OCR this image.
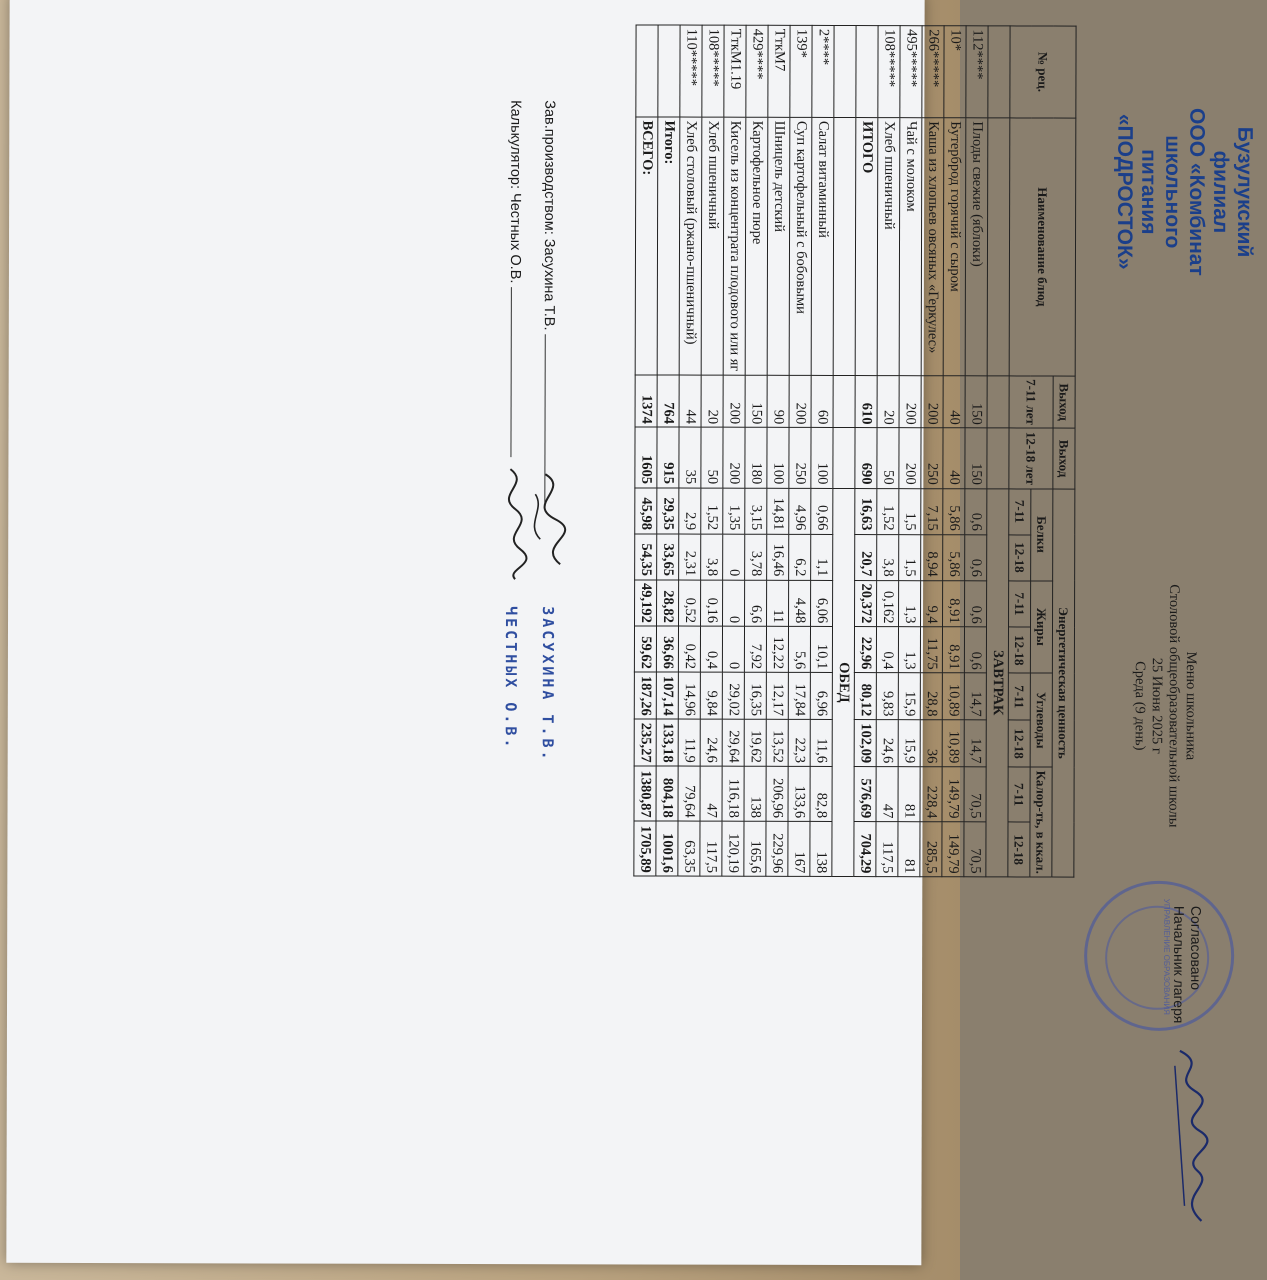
Бузулукский филиал
ООО «Комбинат
школьного питания
«ПОДРОСТОК»
Меню школьника
Столовой общеобразовательной школы
25 Июня 2025 г
Среда (9 день)
УПРАВЛЕНИЕ ОБРАЗОВАНИЯ Согласовано
Начальник лагеря
№ рец.	Наименование блюд	Выход	Выход	Энергетическая ценность							
		7-11 лет	12-18 лет	Белки		Жиры		Углеводы		Калор-ть, в ккал.	
				7-11	12-18	7-11	12-18	7-11	12-18	7-11	12-18
				ЗАВТРАК							
112****	Плоды свежие (яблоки)	150	150	0,6	0,6	0,6	0,6	14,7	14,7	70,5	70,5
10*	Бутерброд горячий с сыром	40	40	5,86	5,86	8,91	8,91	10,89	10,89	149,79	149,79
266*****	Каша из хлопьев овсяных «Геркулес»	200	250	7,15	8,94	9,4	11,75	28,8	36	228,4	285,5
495*****	Чай с молоком	200	200	1,5	1,5	1,3	1,3	15,9	15,9	81	81
108*****	Хлеб пшеничный	20	50	1,52	3,8	0,162	0,4	9,83	24,6	47	117,5
	ИТОГО	610	690	16,63	20,7	20,372	22,96	80,12	102,09	576,69	704,29
				ОБЕД							
2****	Салат витаминный	60	100	0,66	1,1	6,06	10,1	6,96	11,6	82,8	138
139*	Суп картофельный с бобовыми	200	250	4,96	6,2	4,48	5,6	17,84	22,3	133,6	167
ТткМ7	Шницель детский	90	100	14,81	16,46	11	12,22	12,17	13,52	206,96	229,96
429****	Картофельное пюре	150	180	3,15	3,78	6,6	7,92	16,35	19,62	138	165,6
ТткМ1.19	Кисель из концентрата плодового или яг	200	200	1,35	0	0	0	29,02	29,64	116,18	120,19
108*****	Хлеб пшеничный	20	50	1,52	3,8	0,16	0,4	9,84	24,6	47	117,5
110*****	Хлеб столовый (ржано-пшеничный)	44	35	2,9	2,31	0,52	0,42	14,96	11,9	79,64	63,35
	Итого:	764	915	29,35	33,65	28,82	36,66	107,14	133,18	804,18	1001,6
	ВСЕГО:	1374	1605	45,98	54,35	49,192	59,62	187,26	235,27	1380,87	1705,89
Зав.производством: Засухина Т.В.
Калькулятор: Честных О.В.
ЗАСУХИНА Т.В.
ЧЕСТНЫХ О.В.
